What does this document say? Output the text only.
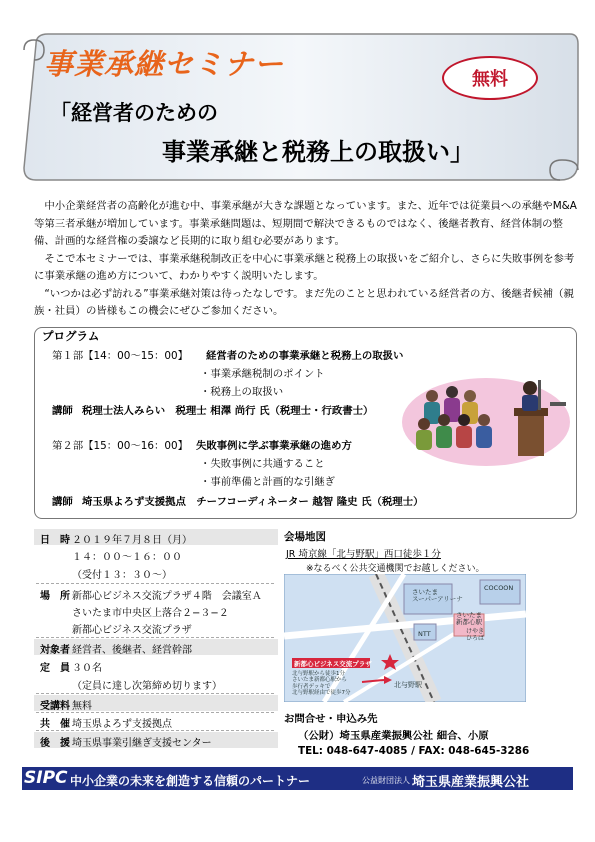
事業承継セミナー	無料
「経営者のための
事業承継と税務上の取扱い」

中小企業経営者の高齢化が進む中、事業承継が大きな課題となっています。また、近年では従業員への承継やM&A等第三者承継が増加しています。事業承継問題は、短期間で解決できるものではなく、後継者教育、経営体制の整備、計画的な経営権の委譲など長期的に取り組む必要があります。

そこで本セミナーでは、事業承継税制改正を中心に事業承継と税務上の取扱いをご紹介し、さらに失敗事例を参考に事業承継の進め方について、わかりやすく説明いたします。

“いつかは必ず訪れる”事業承継対策は待ったなしです。まだ先のことと思われている経営者の方、後継者候補（親族・社員）の皆様もこの機会にぜひご参加ください。

プログラム
第１部【14：00〜15：00】 経営者のための事業承継と税務上の取扱い
・事業承継税制のポイント
・税務上の取扱い
講師 税理士法人みらい　税理士 相澤 尚行 氏（税理士・行政書士）
第２部【15：00〜16：00】 失敗事例に学ぶ事業承継の進め方
・失敗事例に共通すること
・事前準備と計画的な引継ぎ
講師 埼玉県よろず支援拠点　チーフコーディネーター 越智 隆史 氏（税理士）
日　時 ２０１９年７月８日（月）
１４：００〜１６：００
（受付１３：３０〜）
場　所 新都心ビジネス交流プラザ４階　会議室Ａ
さいたま市中央区上落合２−３−２
新都心ビジネス交流プラザ
対象者 経営者、後継者、経営幹部
定　員 ３０名
（定員に達し次第締め切ります）
受講料 無料
共　催 埼玉県よろず支援拠点
後　援 埼玉県事業引継ぎ支援センター
会場地図
JR 埼京線「北与野駅」西口徒歩１分
※なるべく公共交通機関でお越しください。
さいたま
スーパーアリーナ
COCOON
さいたま
新都心駅
けやき
ひろば
NTT
新都心ビジネス交流プラザ
北与野駅から徒歩1分
さいたま新都心駅から
歩行者デッキで
北与野駅経由で徒歩7分
北与野駅
お問合せ・申込み先
（公財）埼玉県産業振興公社 細合、小原
TEL: 048-647-4085 / FAX: 048-645-3286
SIPC 中小企業の未来を創造する信頼のパートナー	公益財団法人 埼玉県産業振興公社
